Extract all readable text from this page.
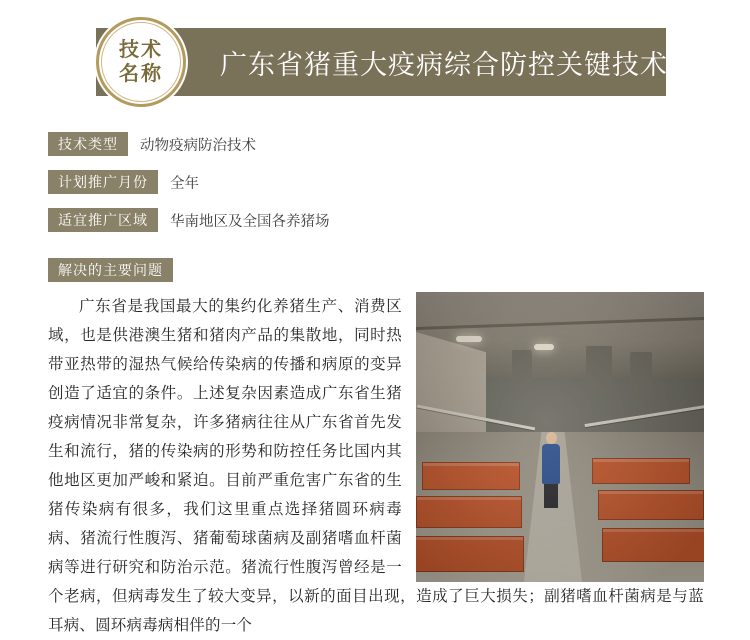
广东省猪重大疫病综合防控关键技术
技术
名称
技术类型	动物疫病防治技术
计划推广月份	全年
适宜推广区域	华南地区及全国各养猪场
解决的主要问题
广东省是我国最大的集约化养猪生产、消费区域，也是供港澳生猪和猪肉产品的集散地，同时热带亚热带的湿热气候给传染病的传播和病原的变异创造了适宜的条件。上述复杂因素造成广东省生猪疫病情况非常复杂，许多猪病往往从广东省首先发生和流行，猪的传染病的形势和防控任务比国内其他地区更加严峻和紧迫。目前严重危害广东省的生猪传染病有很多，我们这里重点选择猪圆环病毒病、猪流行性腹泻、猪葡萄球菌病及副猪嗜血杆菌病等进行研究和防治示范。猪流行性腹泻曾经是一个老病，但病毒发生了较大变异，以新的面目出现，造成了巨大损失；副猪嗜血杆菌病是与蓝耳病、圆环病毒病相伴的一个
